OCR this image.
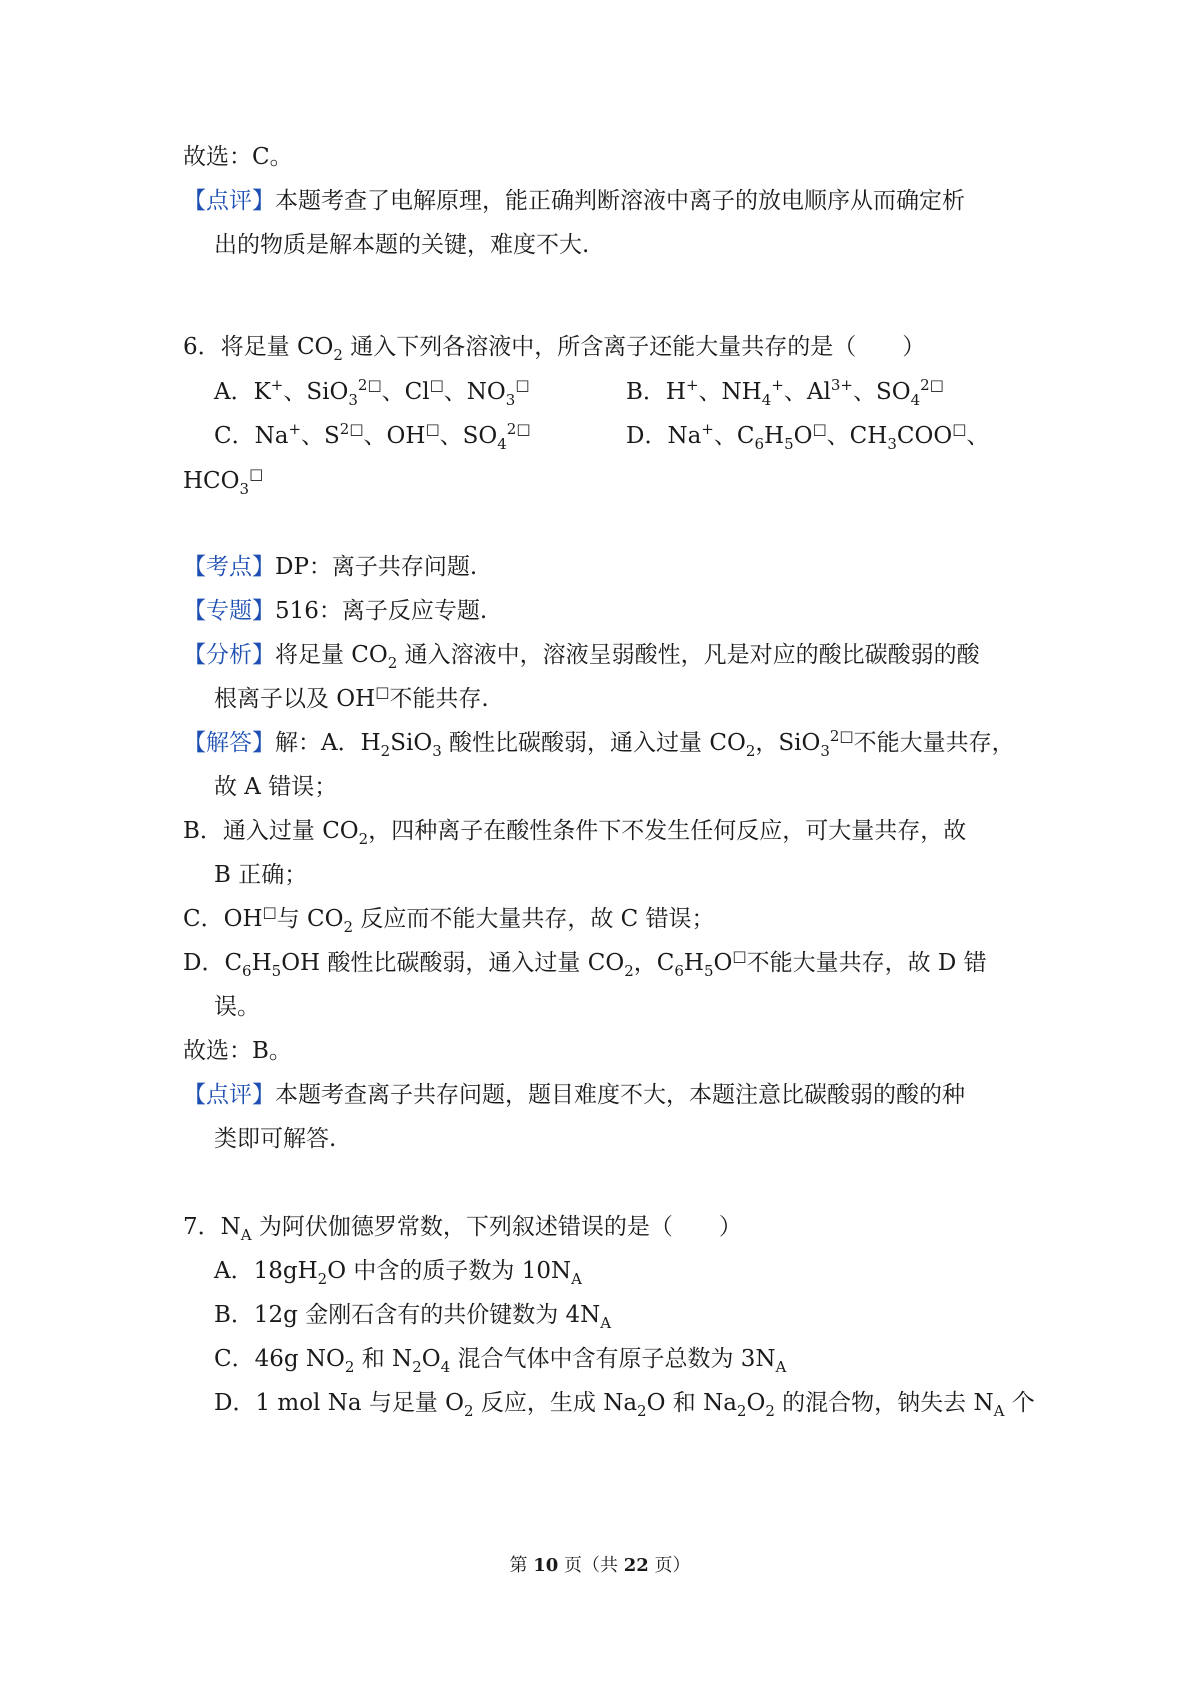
故选：C。
【点评】本题考查了电解原理，能正确判断溶液中离子的放电顺序从而确定析
出的物质是解本题的关键，难度不大.
6．将足量 $CO_2$ 通入下列各溶液中，所含离子还能大量共存的是（　　）
A．K+、SiO$_3^{2□}$、Cl□、$NO_3^□$	B．H+、$NH_4^+$、$Al^{3+}$、$SO_4^{2□}$
C．Na+、$S^{2□}$、OH□、$SO_4^{2□}$	D．Na+、$C_6H_5O^□$、$CH_3COO^□$、
$HCO_3^□$
【考点】DP：离子共存问题.
【专题】516：离子反应专题.
【分析】将足量 $CO_2$ 通入溶液中，溶液呈弱酸性，凡是对应的酸比碳酸弱的酸
根离子以及 OH□不能共存.
【解答】解：A．$H_2SiO_3$ 酸性比碳酸弱，通入过量 $CO_2$，SiO$_3^{2□}$不能大量共存，
故 A 错误；
B．通入过量 $CO_2$，四种离子在酸性条件下不发生任何反应，可大量共存，故
B 正确；
C．OH□与 $CO_2$ 反应而不能大量共存，故 C 错误；
D．$C_6H_5OH$ 酸性比碳酸弱，通入过量 $CO_2$，$C_6H_5O^□$不能大量共存，故 D 错
误。
故选：B。
【点评】本题考查离子共存问题，题目难度不大，本题注意比碳酸弱的酸的种
类即可解答.
7．$N_A$ 为阿伏伽德罗常数，下列叙述错误的是（　　）
A．$18gH_2O$ 中含的质子数为 $10N_A$
B．12g 金刚石含有的共价键数为 $4N_A$
C．46g $NO_2$ 和 $N_2O_4$ 混合气体中含有原子总数为 $3N_A$
D．1 mol Na 与足量 $O_2$ 反应，生成 $Na_2O$ 和 $Na_2O_2$ 的混合物，钠失去 $N_A$ 个
第 10 页（共 22 页）
